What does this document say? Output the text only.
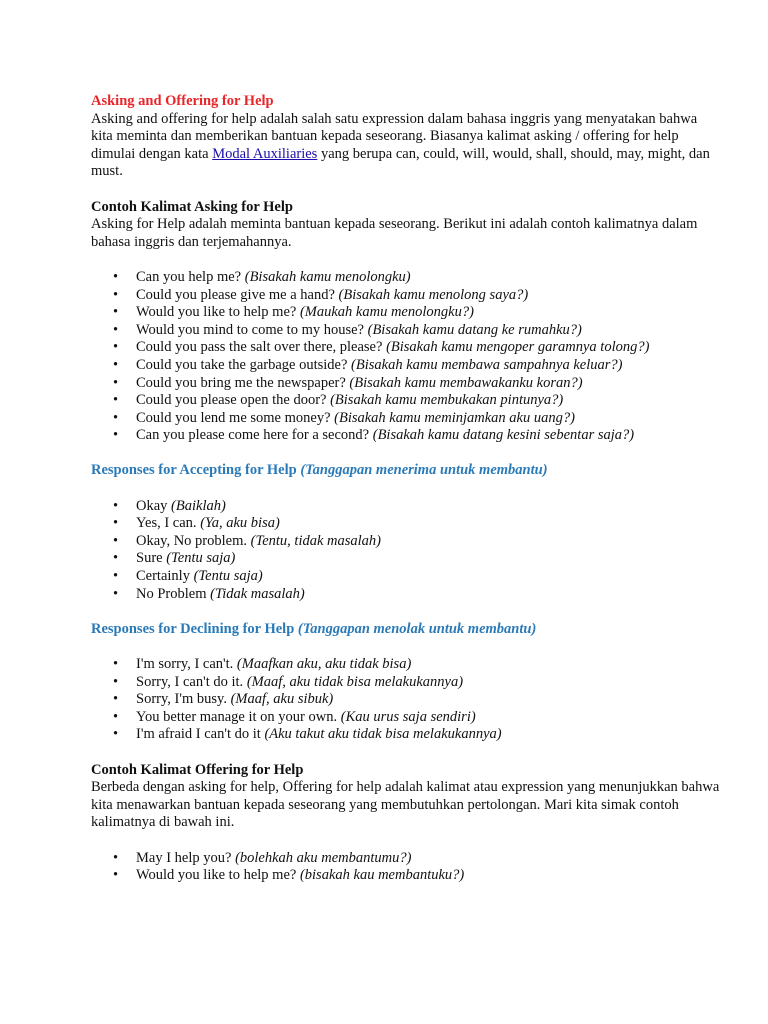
Asking and Offering for Help

Asking and offering for help adalah salah satu expression dalam bahasa inggris yang menyatakan bahwa kita meminta dan memberikan bantuan kepada seseorang. Biasanya kalimat asking / offering for help dimulai dengan kata Modal Auxiliaries yang berupa can, could, will, would, shall, should, may, might, dan must.

Contoh Kalimat Asking for Help

Asking for Help adalah meminta bantuan kepada seseorang. Berikut ini adalah contoh kalimatnya dalam bahasa inggris dan terjemahannya.

• Can you help me? (Bisakah kamu menolongku)
• Could you please give me a hand? (Bisakah kamu menolong saya?)
• Would you like to help me? (Maukah kamu menolongku?)
• Would you mind to come to my house? (Bisakah kamu datang ke rumahku?)
• Could you pass the salt over there, please? (Bisakah kamu mengoper garamnya tolong?)
• Could you take the garbage outside? (Bisakah kamu membawa sampahnya keluar?)
• Could you bring me the newspaper? (Bisakah kamu membawakanku koran?)
• Could you please open the door? (Bisakah kamu membukakan pintunya?)
• Could you lend me some money? (Bisakah kamu meminjamkan aku uang?)
• Can you please come here for a second? (Bisakah kamu datang kesini sebentar saja?)
Responses for Accepting for Help (Tanggapan menerima untuk membantu)
• Okay (Baiklah)
• Yes, I can. (Ya, aku bisa)
• Okay, No problem. (Tentu, tidak masalah)
• Sure (Tentu saja)
• Certainly (Tentu saja)
• No Problem (Tidak masalah)
Responses for Declining for Help (Tanggapan menolak untuk membantu)
• I'm sorry, I can't. (Maafkan aku, aku tidak bisa)
• Sorry, I can't do it. (Maaf, aku tidak bisa melakukannya)
• Sorry, I'm busy. (Maaf, aku sibuk)
• You better manage it on your own. (Kau urus saja sendiri)
• I'm afraid I can't do it (Aku takut aku tidak bisa melakukannya)
Contoh Kalimat Offering for Help

Berbeda dengan asking for help, Offering for help adalah kalimat atau expression yang menunjukkan bahwa kita menawarkan bantuan kepada seseorang yang membutuhkan pertolongan. Mari kita simak contoh kalimatnya di bawah ini.

• May I help you? (bolehkah aku membantumu?)
• Would you like to help me? (bisakah kau membantuku?)
